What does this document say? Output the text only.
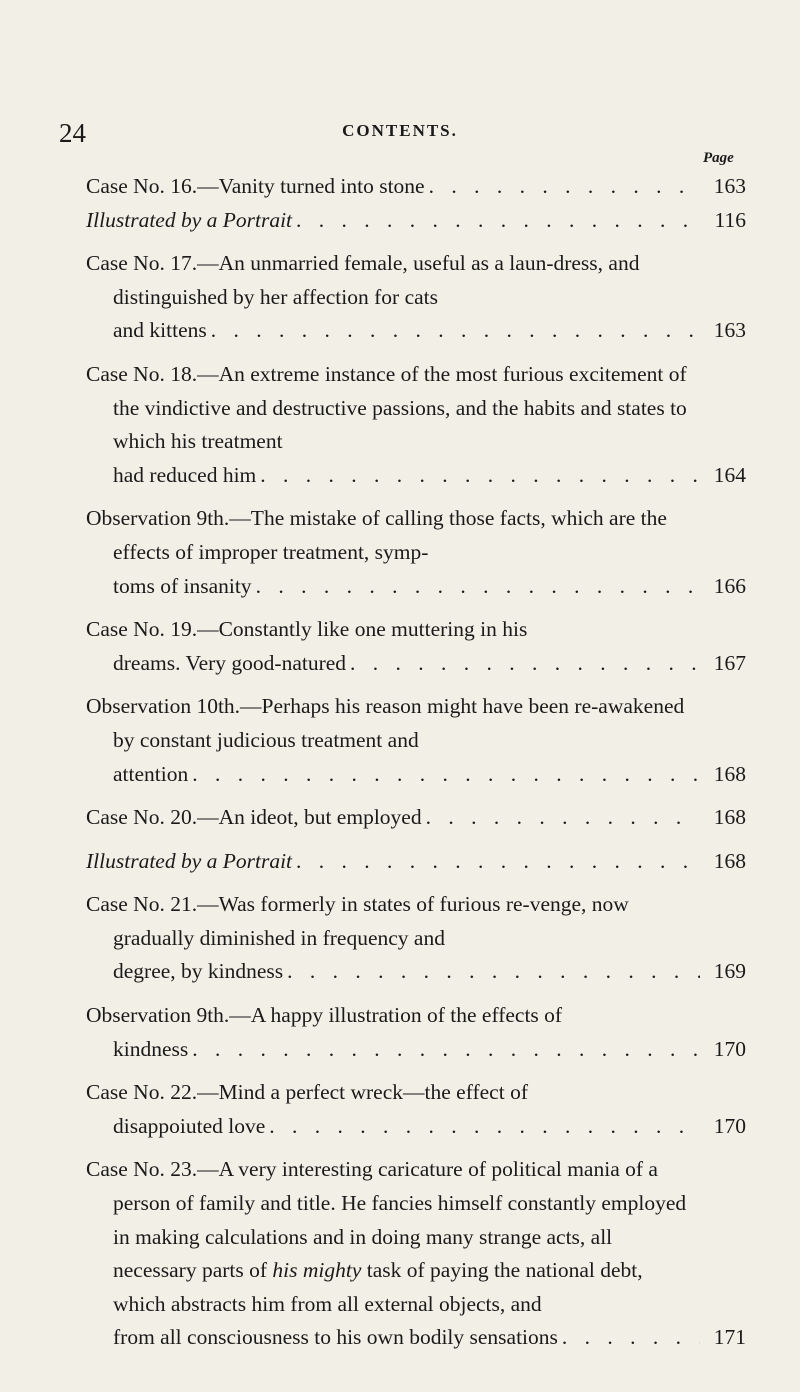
24	CONTENTS.
Page
Case No. 16.—Vanity turned into stone . . .	163
Illustrated by a Portrait . . .	116
Case No. 17.—An unmarried female, useful as a laun-dress, and distinguished by her affection for cats
and kittens . . .	163
Case No. 18.—An extreme instance of the most furious excitement of the vindictive and destructive passions, and the habits and states to which his treatment
had reduced him . . .	164
Observation 9th.—The mistake of calling those facts, which are the effects of improper treatment, symp-
toms of insanity . . .	166
Case No. 19.—Constantly like one muttering in his
dreams. Very good-natured . . .	167
Observation 10th.—Perhaps his reason might have been re-awakened by constant judicious treatment and
attention . . .	168
Case No. 20.—An ideot, but employed . . .	168
Illustrated by a Portrait . . .	168
Case No. 21.—Was formerly in states of furious re-venge, now gradually diminished in frequency and
degree, by kindness . . .	169
Observation 9th.—A happy illustration of the effects of
kindness . . .	170
Case No. 22.—Mind a perfect wreck—the effect of
disappoiuted love . . .	170
Case No. 23.—A very interesting caricature of political mania of a person of family and title. He fancies himself constantly employed in making calculations and in doing many strange acts, all necessary parts of his mighty task of paying the national debt, which abstracts him from all external objects, and
from all consciousness to his own bodily sensations . . .	171
